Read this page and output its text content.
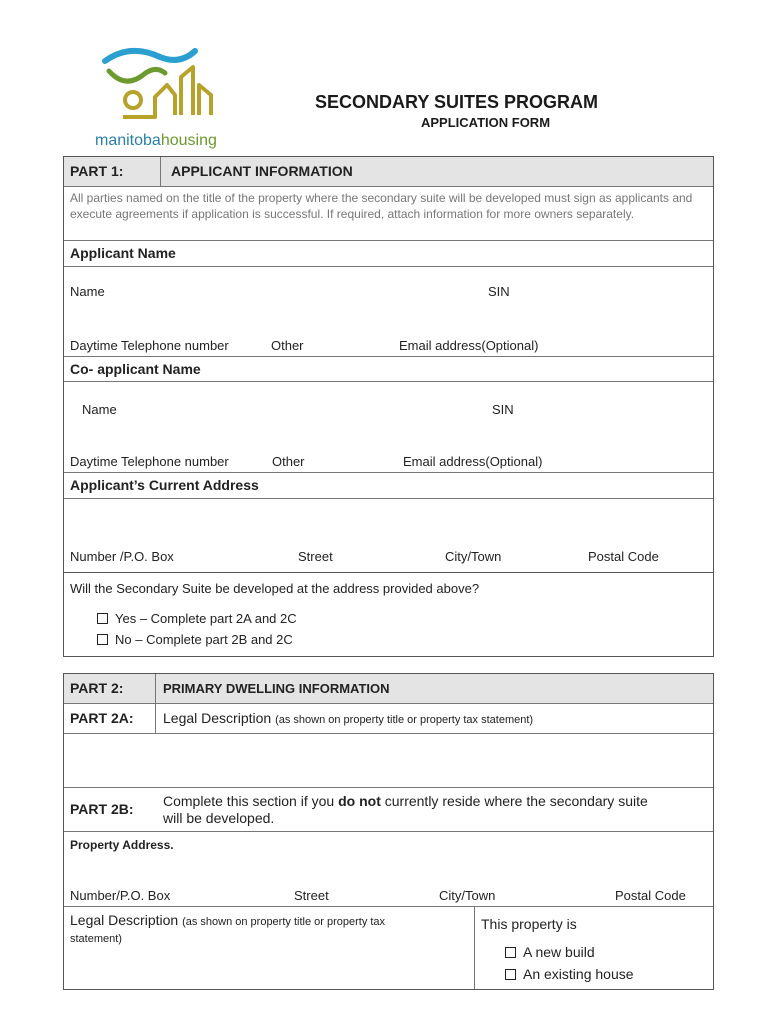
manitobahousing
SECONDARY SUITES PROGRAM
APPLICATION FORM
PART 1:	APPLICANT INFORMATION
All parties named on the title of the property where the secondary suite will be developed must sign as applicants and execute agreements if application is successful. If required, attach information for more owners separately.
Applicant Name
Name	SIN
Daytime Telephone number	Other	Email address(Optional)
Co- applicant Name
Name	SIN
Daytime Telephone number	Other	Email address(Optional)
Applicant’s Current Address
Number /P.O. Box	Street	City/Town	Postal Code
Will the Secondary Suite be developed at the address provided above?
Yes – Complete part 2A and 2C
No – Complete part 2B and 2C
PART 2:	PRIMARY DWELLING INFORMATION
PART 2A: Legal Description (as shown on property title or property tax statement)
PART 2B: Complete this section if you do not currently reside where the secondary suite
will be developed.
Property Address.
Number/P.O. Box	Street	City/Town	Postal Code
Legal Description (as shown on property title or property tax
statement)
This property is
A new build
An existing house
